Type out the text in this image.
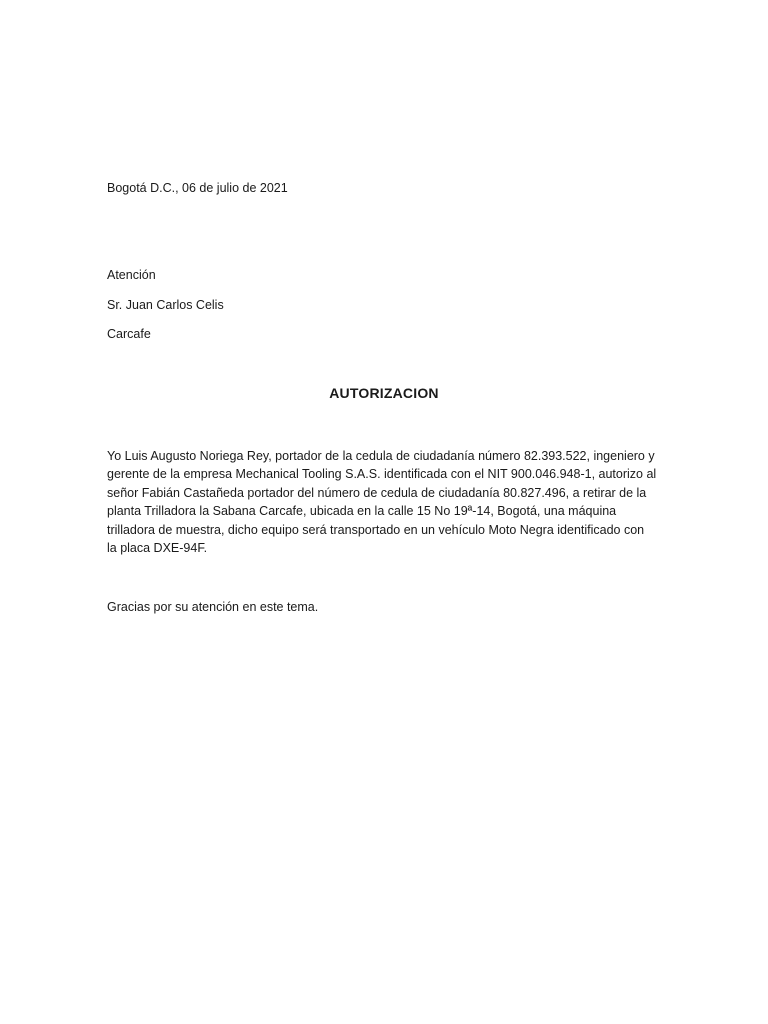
Bogotá D.C., 06 de julio de 2021
Atención
Sr. Juan Carlos Celis
Carcafe
AUTORIZACION
Yo Luis Augusto Noriega Rey, portador de la cedula de ciudadanía número 82.393.522, ingeniero y
gerente de la empresa Mechanical Tooling S.A.S. identificada con el NIT 900.046.948-1, autorizo al
señor Fabián Castañeda portador del número de cedula de ciudadanía 80.827.496, a retirar de la
planta Trilladora la Sabana Carcafe, ubicada en la calle 15 No 19ª-14, Bogotá, una máquina
trilladora de muestra, dicho equipo será transportado en un vehículo Moto Negra identificado con
la placa DXE-94F.
Gracias por su atención en este tema.
